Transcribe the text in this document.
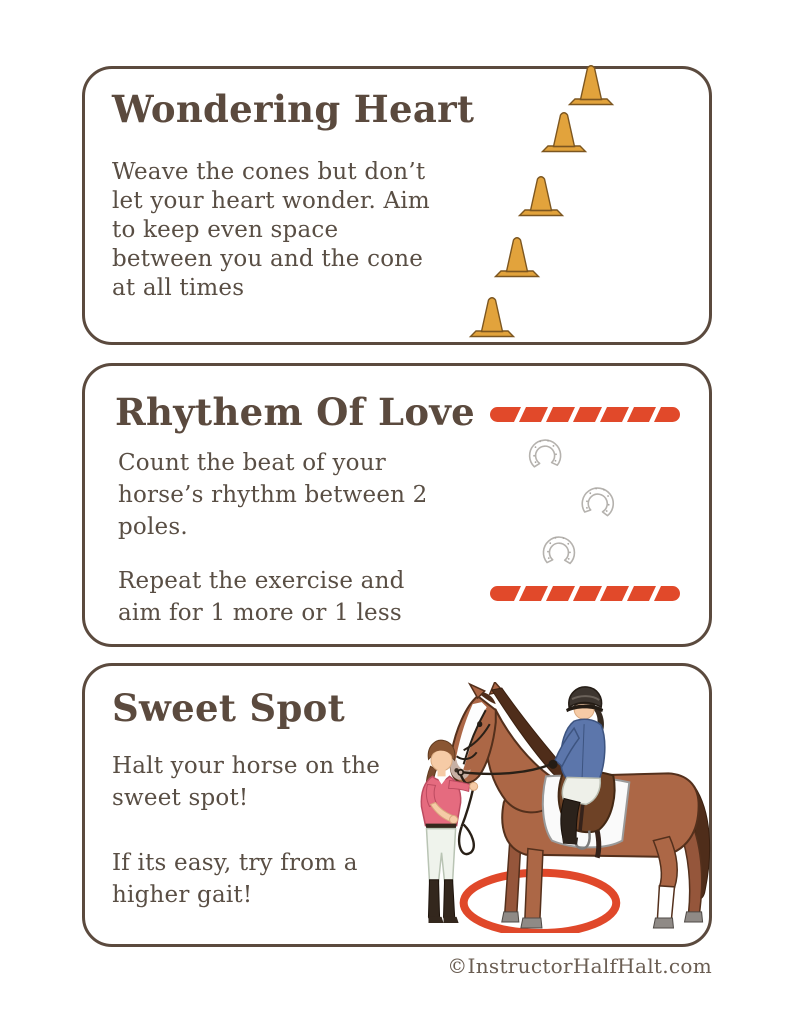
Wondering Heart

Weave the cones but don’t
let your heart wonder. Aim
to keep even space
between you and the cone
at all times

Rhythem Of Love

Count the beat of your
horse’s rhythm between 2
poles.

Repeat the exercise and
aim for 1 more or 1 less

Sweet Spot

Halt your horse on the
sweet spot!

If its easy, try from a
higher gait!

©InstructorHalfHalt.com
